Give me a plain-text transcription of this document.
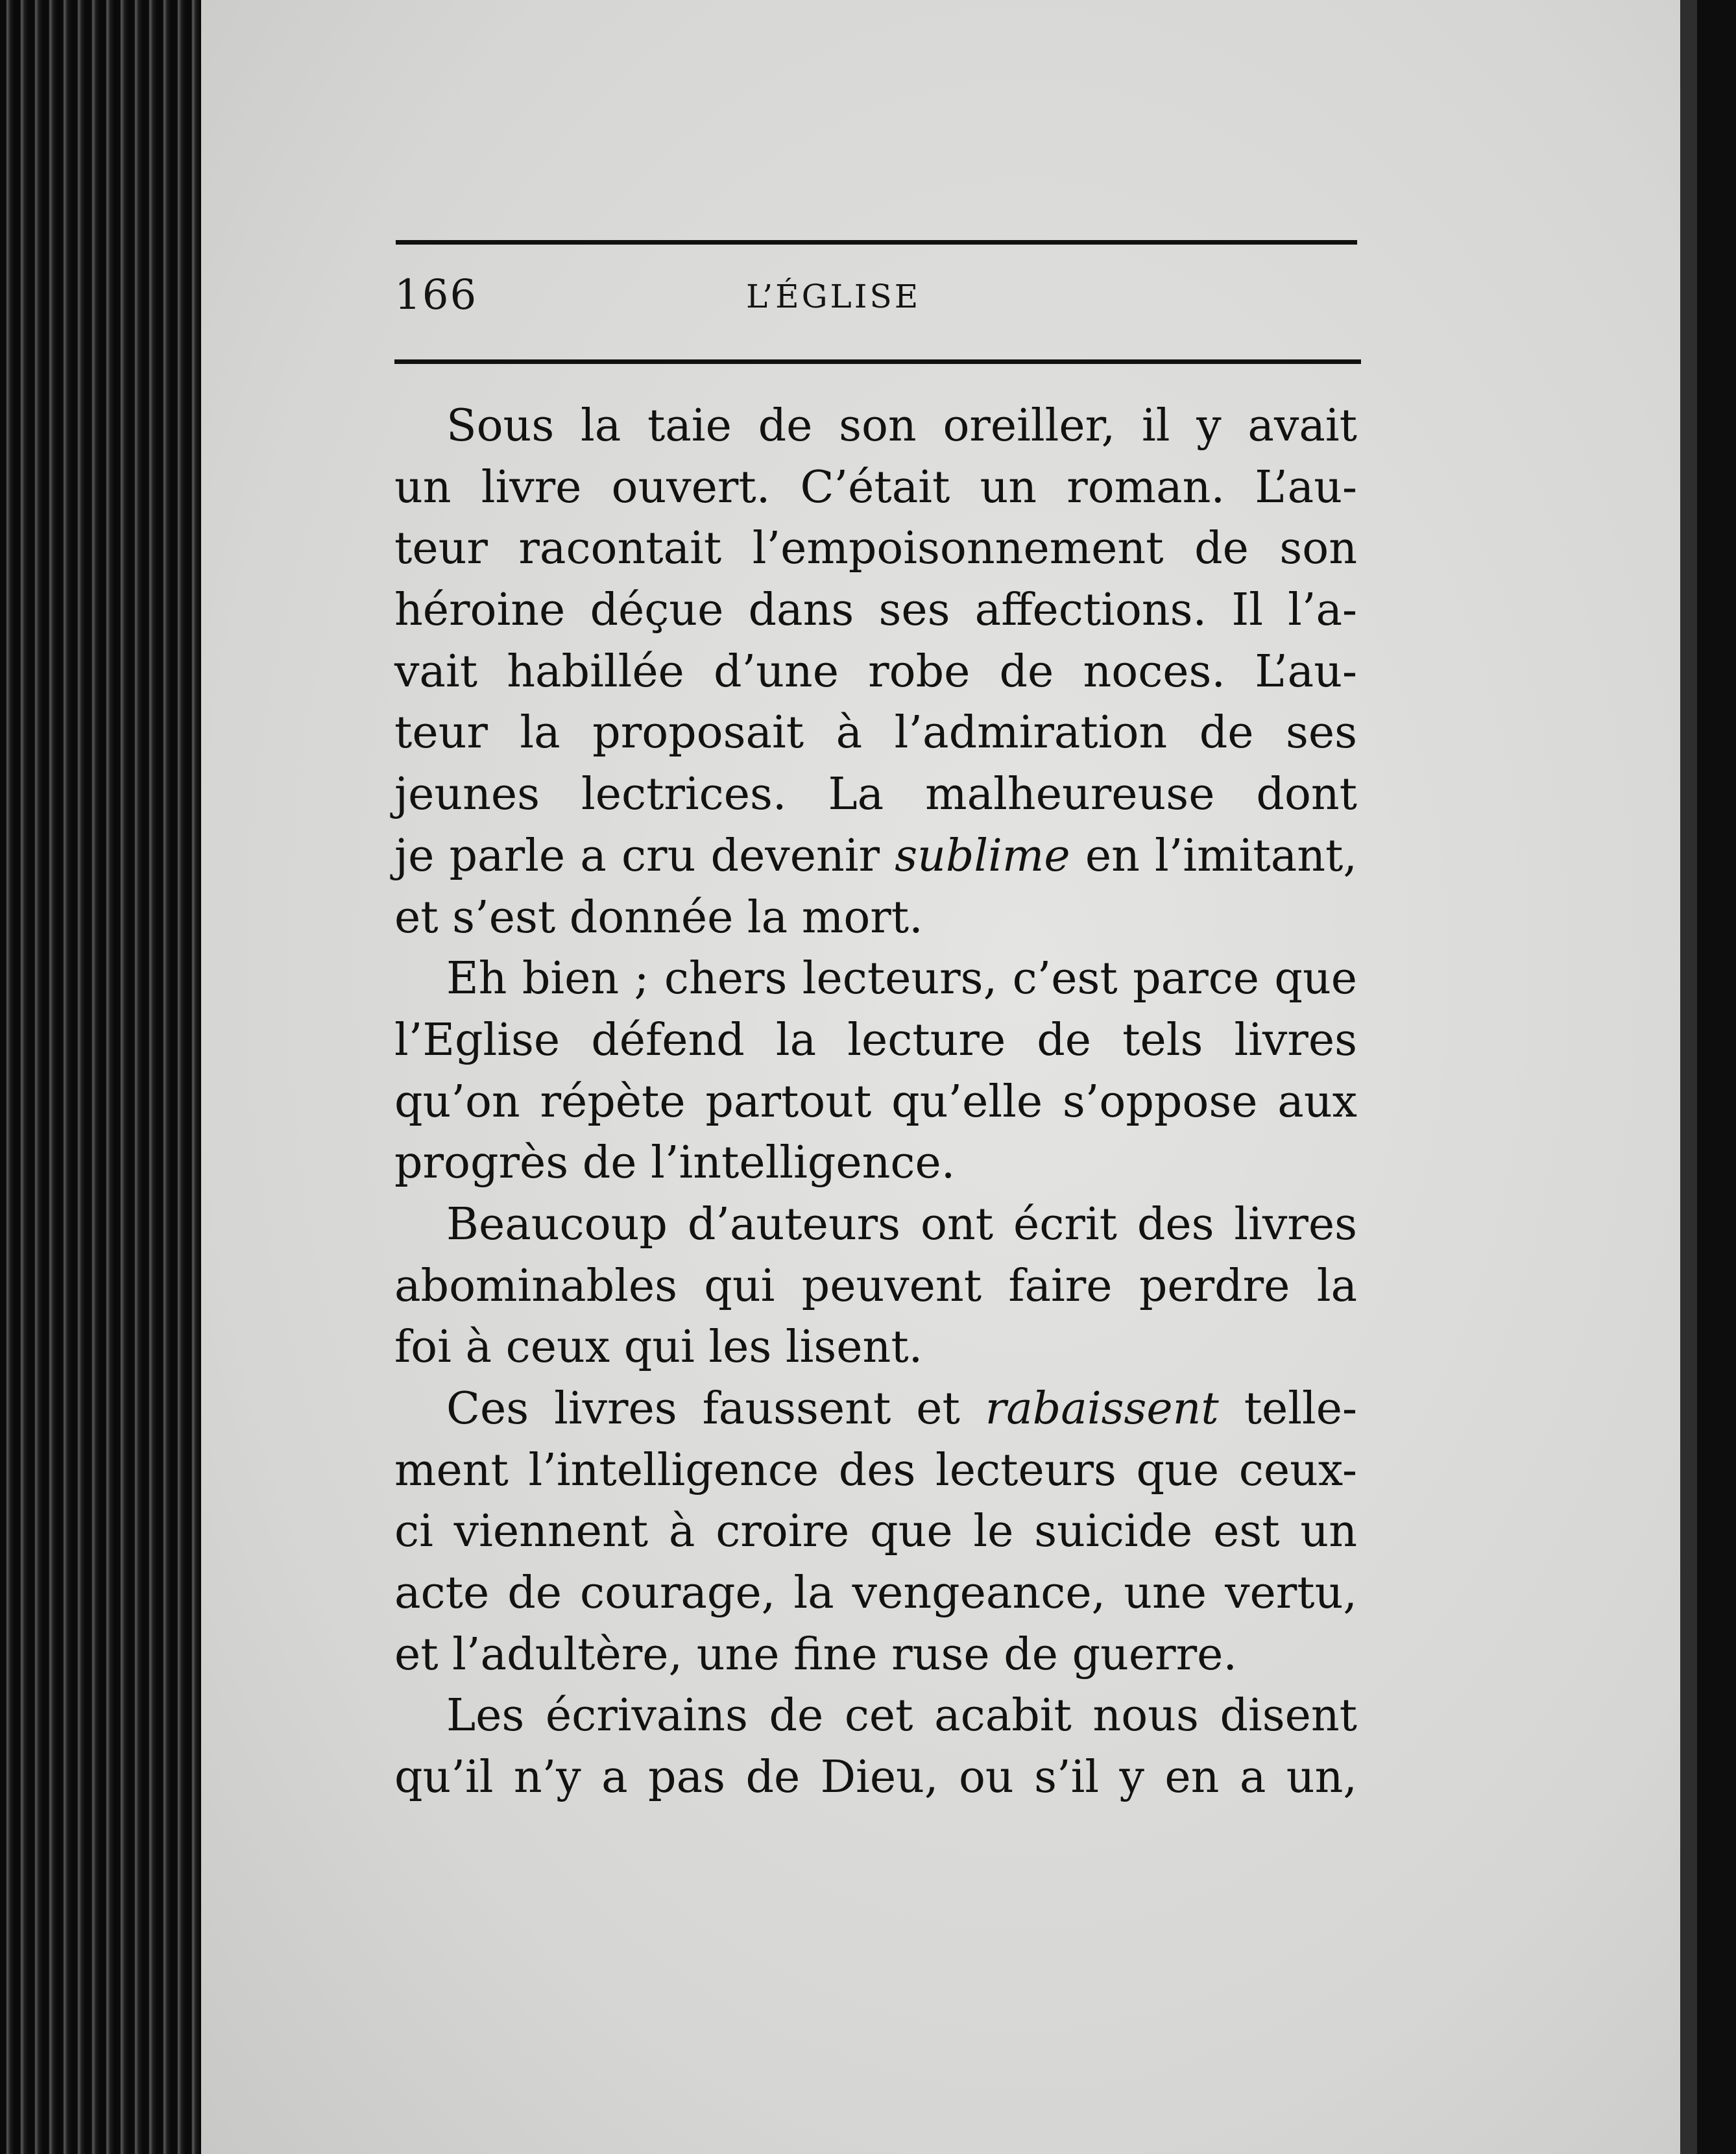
166	L’ÉGLISE
Sous la taie de son oreiller, il y avait
un livre ouvert. C’était un roman. L’au-
teur racontait l’empoisonnement de son
héroine déçue dans ses affections. Il l’a-
vait habillée d’une robe de noces. L’au-
teur la proposait à l’admiration de ses
jeunes lectrices. La malheureuse dont
je parle a cru devenir sublime en l’imitant,
et s’est donnée la mort.
Eh bien ; chers lecteurs, c’est parce que
l’Eglise défend la lecture de tels livres
qu’on répète partout qu’elle s’oppose aux
progrès de l’intelligence.
Beaucoup d’auteurs ont écrit des livres
abominables qui peuvent faire perdre la
foi à ceux qui les lisent.
Ces livres faussent et rabaissent telle-
ment l’intelligence des lecteurs que ceux-
ci viennent à croire que le suicide est un
acte de courage, la vengeance, une vertu,
et l’adultère, une fine ruse de guerre.
Les écrivains de cet acabit nous disent
qu’il n’y a pas de Dieu, ou s’il y en a un,
